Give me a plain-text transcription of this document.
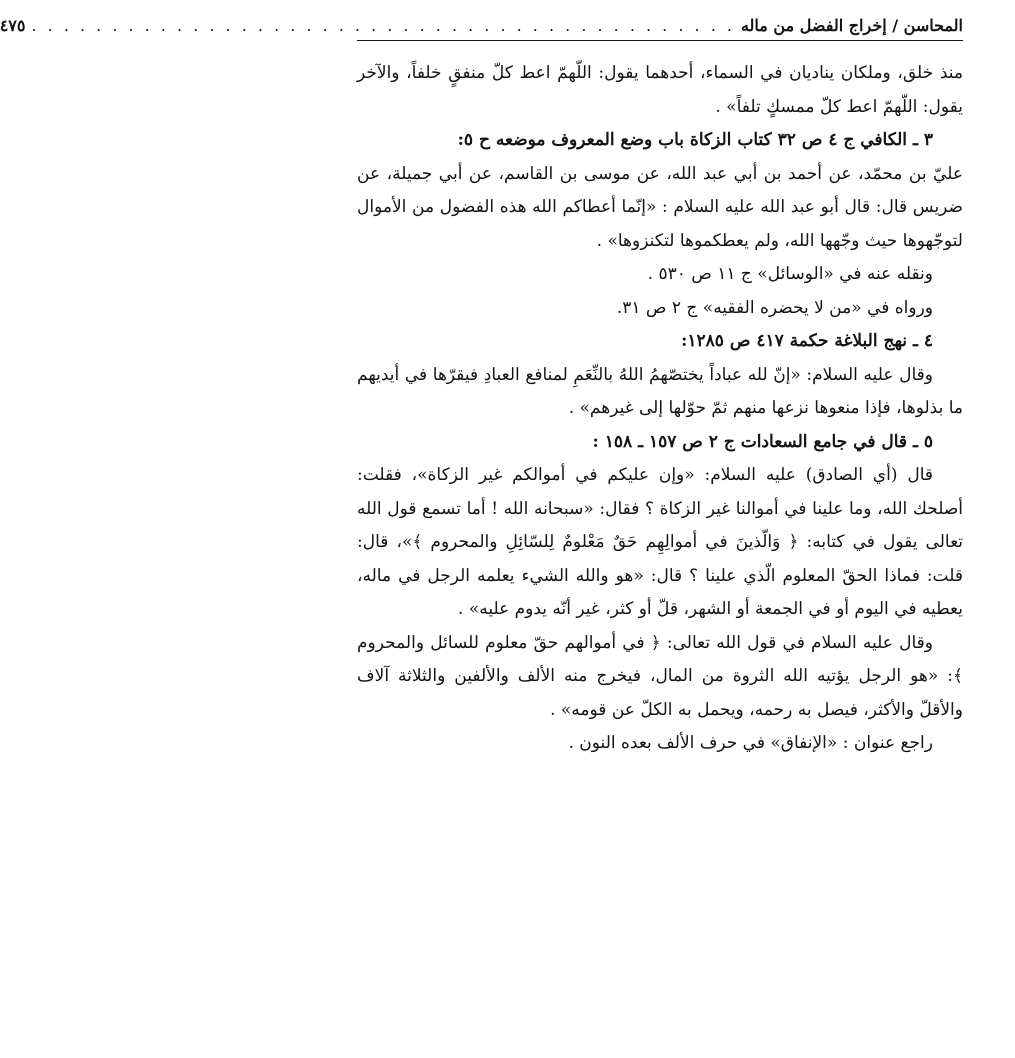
المحاسن / إخراج الفضل من ماله
. . . . . . . . . . . . . . . . . . . . . . . . . . . . . . . . . . . . . . . . . . . .
٤٧٥

منذ خلق، وملكان يناديان في السماء، أحدهما يقول: اللّهمّ اعط كلّ منفقٍ خلفاً، والآخر يقول: اللّهمّ اعط كلّ ممسكٍ تلفاً» .

٣ ـ الكافي ج ٤ ص ٣٢ كتاب الزكاة باب وضع المعروف موضعه ح ٥:

عليّ بن محمّد، عن أحمد بن أبي عبد الله، عن موسى بن القاسم، عن أبي جميلة، عن ضريس قال: قال أبو عبد الله عليه السلام : «إنّما أعطاكم الله هذه الفضول من الأموال لتوجّهوها حيث وجّهها الله، ولم يعطكموها لتكنزوها» .

ونقله عنه في «الوسائل» ج ١١ ص ٥٣٠ .

ورواه في «من لا يحضره الفقيه» ج ٢ ص ٣١.

٤ ـ نهج البلاغة حكمة ٤١٧ ص ١٢٨٥:

وقال عليه السلام: «إنّ لله عباداً يختصّهمُ اللهُ بالنِّعَمِ لمنافع العبادِ فيقرّها في أيديهم ما بذلوها، فإذا منعوها نزعها منهم ثمّ حوّلها إلى غيرهم» .

٥ ـ قال في جامع السعادات ج ٢ ص ١٥٧ ـ ١٥٨ :

قال (أي الصادق) عليه السلام: «وإن عليكم في أموالكم غير الزكاة»، فقلت: أصلحك الله، وما علينا في أموالنا غير الزكاة ؟ فقال: «سبحانه الله ! أما تسمع قول الله تعالى يقول في كتابه: ﴿ وَالّذينَ في أموالِهِم حَقٌ مَعْلومٌ لِلسّائِلِ والمحروم ﴾»، قال: قلت: فماذا الحقّ المعلوم الّذي علينا ؟ قال: «هو والله الشيء يعلمه الرجل في ماله، يعطيه في اليوم أو في الجمعة أو الشهر، قلّ أو كثر، غير أنّه يدوم عليه» .

وقال عليه السلام في قول الله تعالى: ﴿ في أموالهم حقّ معلوم للسائل والمحروم ﴾: «هو الرجل يؤتيه الله الثروة من المال، فيخرج منه الألف والألفين والثلاثة آلاف والأقلّ والأكثر، فيصل به رحمه، ويحمل به الكلّ عن قومه» .

راجع عنوان : «الإنفاق» في حرف الألف بعده النون .
